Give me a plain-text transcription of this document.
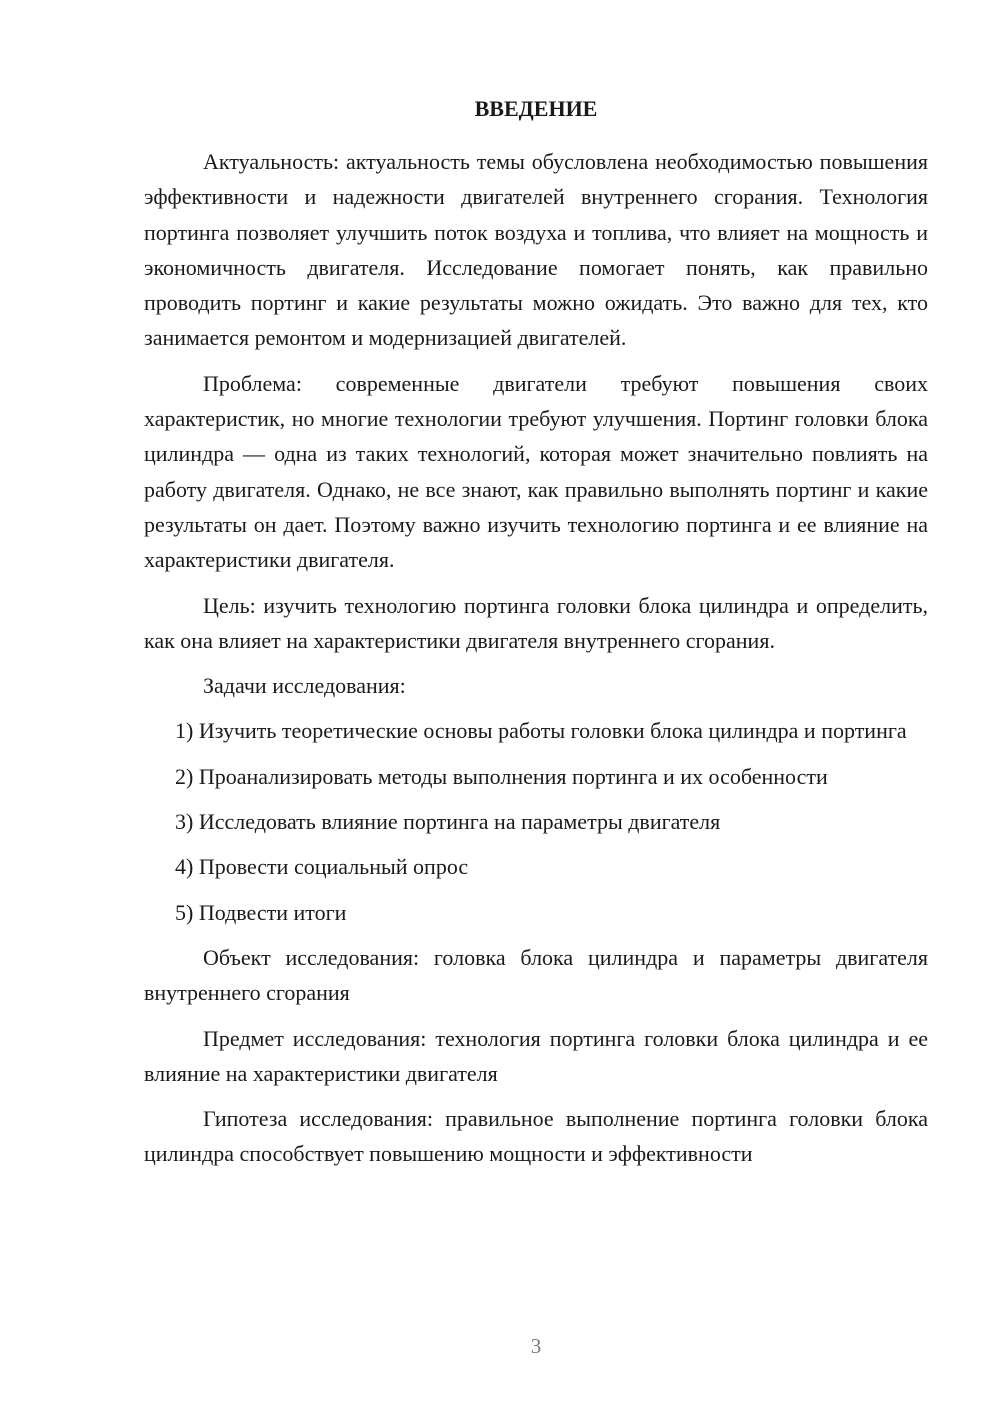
ВВЕДЕНИЕ

Актуальность: актуальность темы обусловлена необходимостью повышения эффективности и надежности двигателей внутреннего сгорания. Технология портинга позволяет улучшить поток воздуха и топлива, что влияет на мощность и экономичность двигателя. Исследование помогает понять, как правильно проводить портинг и какие результаты можно ожидать. Это важно для тех, кто занимается ремонтом и модернизацией двигателей.

Проблема: современные двигатели требуют повышения своих характеристик, но многие технологии требуют улучшения. Портинг головки блока цилиндра — одна из таких технологий, которая может значительно повлиять на работу двигателя. Однако, не все знают, как правильно выполнять портинг и какие результаты он дает. Поэтому важно изучить технологию портинга и ее влияние на характеристики двигателя.

Цель: изучить технологию портинга головки блока цилиндра и определить, как она влияет на характеристики двигателя внутреннего сгорания.

Задачи исследования:

1) Изучить теоретические основы работы головки блока цилиндра и портинга

2) Проанализировать методы выполнения портинга и их особенности

3) Исследовать влияние портинга на параметры двигателя

4) Провести социальный опрос

5) Подвести итоги

Объект исследования: головка блока цилиндра и параметры двигателя внутреннего сгорания

Предмет исследования: технология портинга головки блока цилиндра и ее влияние на характеристики двигателя

Гипотеза исследования: правильное выполнение портинга головки блока цилиндра способствует повышению мощности и эффективности

3
